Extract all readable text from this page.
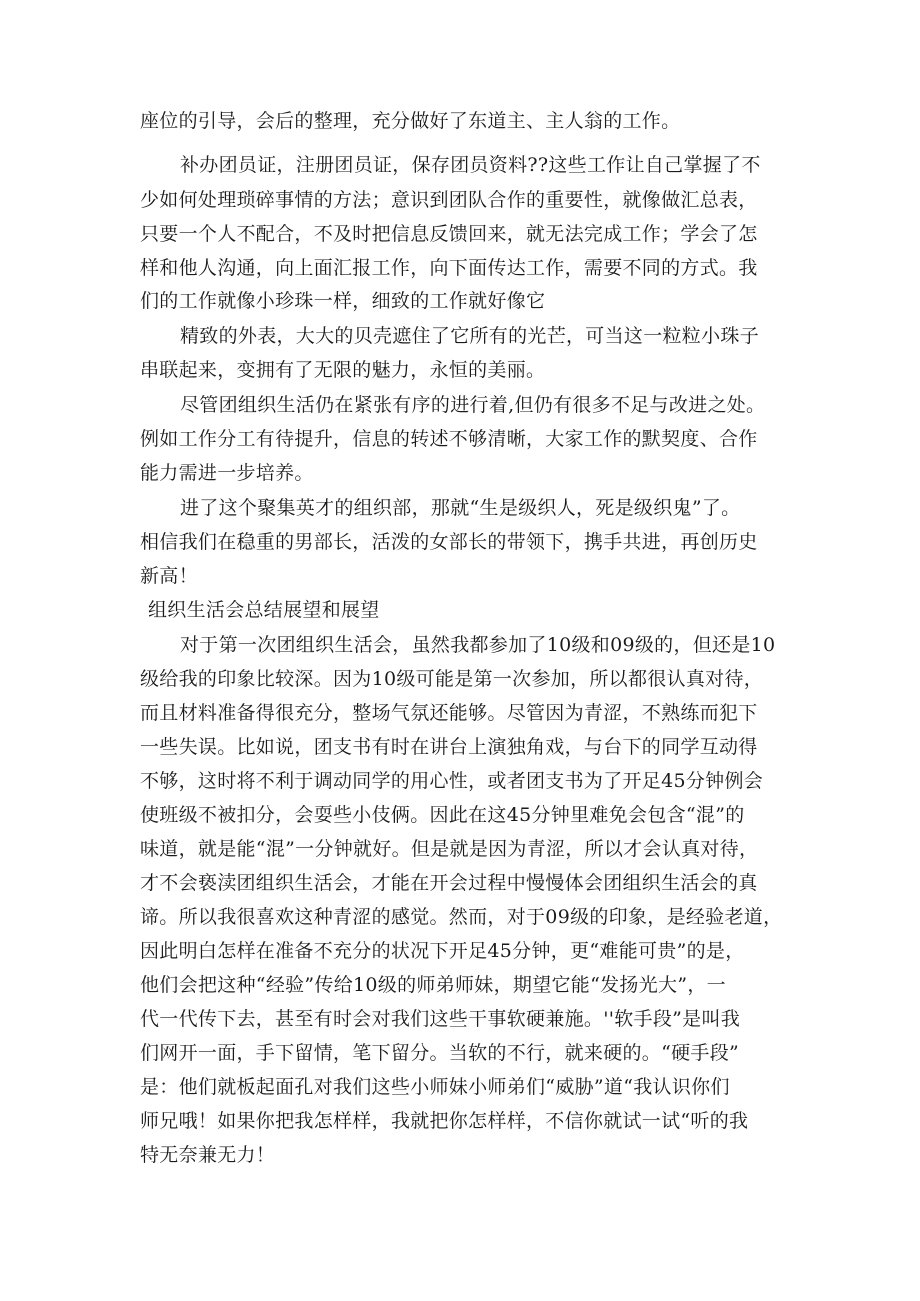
座位的引导，会后的整理，充分做好了东道主、主人翁的工作。
补办团员证，注册团员证，保存团员资料??这些工作让自己掌握了不
少如何处理琐碎事情的方法；意识到团队合作的重要性，就像做汇总表，
只要一个人不配合，不及时把信息反馈回来，就无法完成工作；学会了怎
样和他人沟通，向上面汇报工作，向下面传达工作，需要不同的方式。我
们的工作就像小珍珠一样，细致的工作就好像它
精致的外表，大大的贝壳遮住了它所有的光芒，可当这一粒粒小珠子
串联起来，变拥有了无限的魅力，永恒的美丽。
尽管团组织生活仍在紧张有序的进行着,但仍有很多不足与改进之处。
例如工作分工有待提升，信息的转述不够清晰，大家工作的默契度、合作
能力需进一步培养。
进了这个聚集英才的组织部，那就“生是级织人，死是级织鬼”了。
相信我们在稳重的男部长，活泼的女部长的带领下，携手共进，再创历史
新高！
组织生活会总结展望和展望
对于第一次团组织生活会，虽然我都参加了10级和09级的，但还是10
级给我的印象比较深。因为10级可能是第一次参加，所以都很认真对待，
而且材料准备得很充分，整场气氛还能够。尽管因为青涩，不熟练而犯下
一些失误。比如说，团支书有时在讲台上演独角戏，与台下的同学互动得
不够，这时将不利于调动同学的用心性，或者团支书为了开足45分钟例会
使班级不被扣分，会耍些小伎俩。因此在这45分钟里难免会包含“混”的
味道，就是能“混”一分钟就好。但是就是因为青涩，所以才会认真对待，
才不会亵渎团组织生活会，才能在开会过程中慢慢体会团组织生活会的真
谛。所以我很喜欢这种青涩的感觉。然而，对于09级的印象，是经验老道，
因此明白怎样在准备不充分的状况下开足45分钟，更“难能可贵”的是，
他们会把这种“经验”传给10级的师弟师妹，期望它能“发扬光大”，一
代一代传下去，甚至有时会对我们这些干事软硬兼施。''软手段”是叫我
们网开一面，手下留情，笔下留分。当软的不行，就来硬的。“硬手段”
是：他们就板起面孔对我们这些小师妹小师弟们“威胁”道“我认识你们
师兄哦！如果你把我怎样样，我就把你怎样样，不信你就试一试“听的我
特无奈兼无力！
